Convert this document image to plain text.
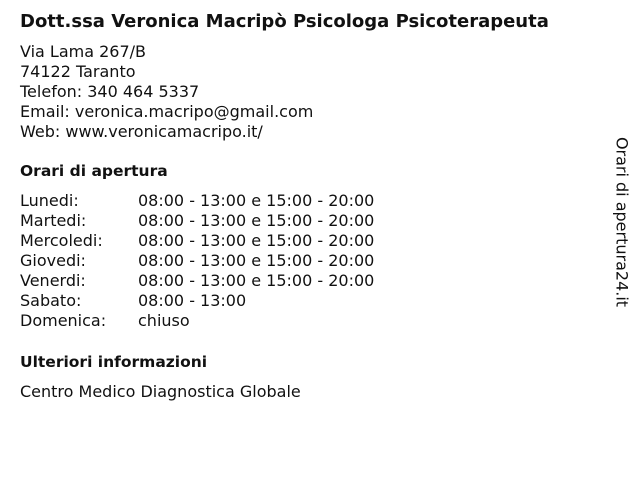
Dott.ssa Veronica Macripò Psicologa Psicoterapeuta
Via Lama 267/B
74122 Taranto
Telefon: 340 464 5337
Email: veronica.macripo@gmail.com
Web: www.veronicamacripo.it/
Orari di apertura
Lunedi:	08:00 - 13:00 e 15:00 - 20:00
Martedi:	08:00 - 13:00 e 15:00 - 20:00
Mercoledi:	08:00 - 13:00 e 15:00 - 20:00
Giovedi:	08:00 - 13:00 e 15:00 - 20:00
Venerdi:	08:00 - 13:00 e 15:00 - 20:00
Sabato:	08:00 - 13:00
Domenica:	chiuso
Ulteriori informazioni
Centro Medico Diagnostica Globale
Orari di apertura24.it
